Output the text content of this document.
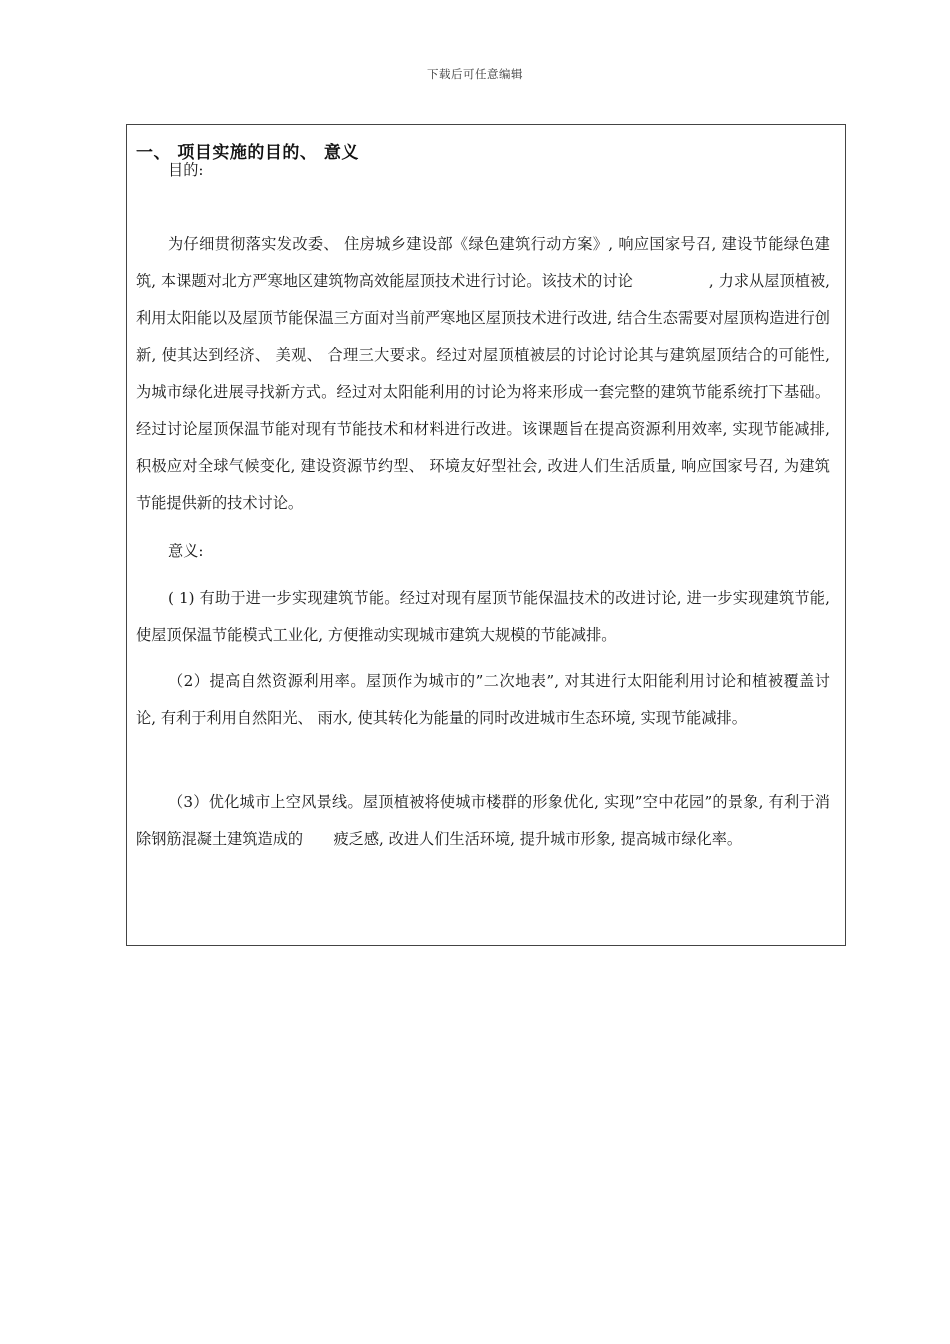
下载后可任意编辑
一、 项目实施的目的、 意义

目的:

为仔细贯彻落实发改委、 住房城乡建设部《绿色建筑行动方案》, 响应国家号召, 建设节能绿色建筑, 本课题对北方严寒地区建筑物高效能屋顶技术进行讨论。该技术的讨论　　　　　, 力求从屋顶植被, 利用太阳能以及屋顶节能保温三方面对当前严寒地区屋顶技术进行改进, 结合生态需要对屋顶构造进行创新, 使其达到经济、 美观、 合理三大要求。经过对屋顶植被层的讨论讨论其与建筑屋顶结合的可能性, 为城市绿化进展寻找新方式。经过对太阳能利用的讨论为将来形成一套完整的建筑节能系统打下基础。经过讨论屋顶保温节能对现有节能技术和材料进行改进。该课题旨在提高资源利用效率, 实现节能减排, 积极应对全球气候变化, 建设资源节约型、 环境友好型社会, 改进人们生活质量, 响应国家号召, 为建筑节能提供新的技术讨论。

意义:

( 1) 有助于进一步实现建筑节能。经过对现有屋顶节能保温技术的改进讨论, 进一步实现建筑节能, 使屋顶保温节能模式工业化, 方便推动实现城市建筑大规模的节能减排。

（2）提高自然资源利用率。屋顶作为城市的”二次地表”, 对其进行太阳能利用讨论和植被覆盖讨论, 有利于利用自然阳光、 雨水, 使其转化为能量的同时改进城市生态环境, 实现节能减排。

（3）优化城市上空风景线。屋顶植被将使城市楼群的形象优化, 实现”空中花园”的景象, 有利于消除钢筋混凝土建筑造成的　　疲乏感, 改进人们生活环境, 提升城市形象, 提高城市绿化率。
